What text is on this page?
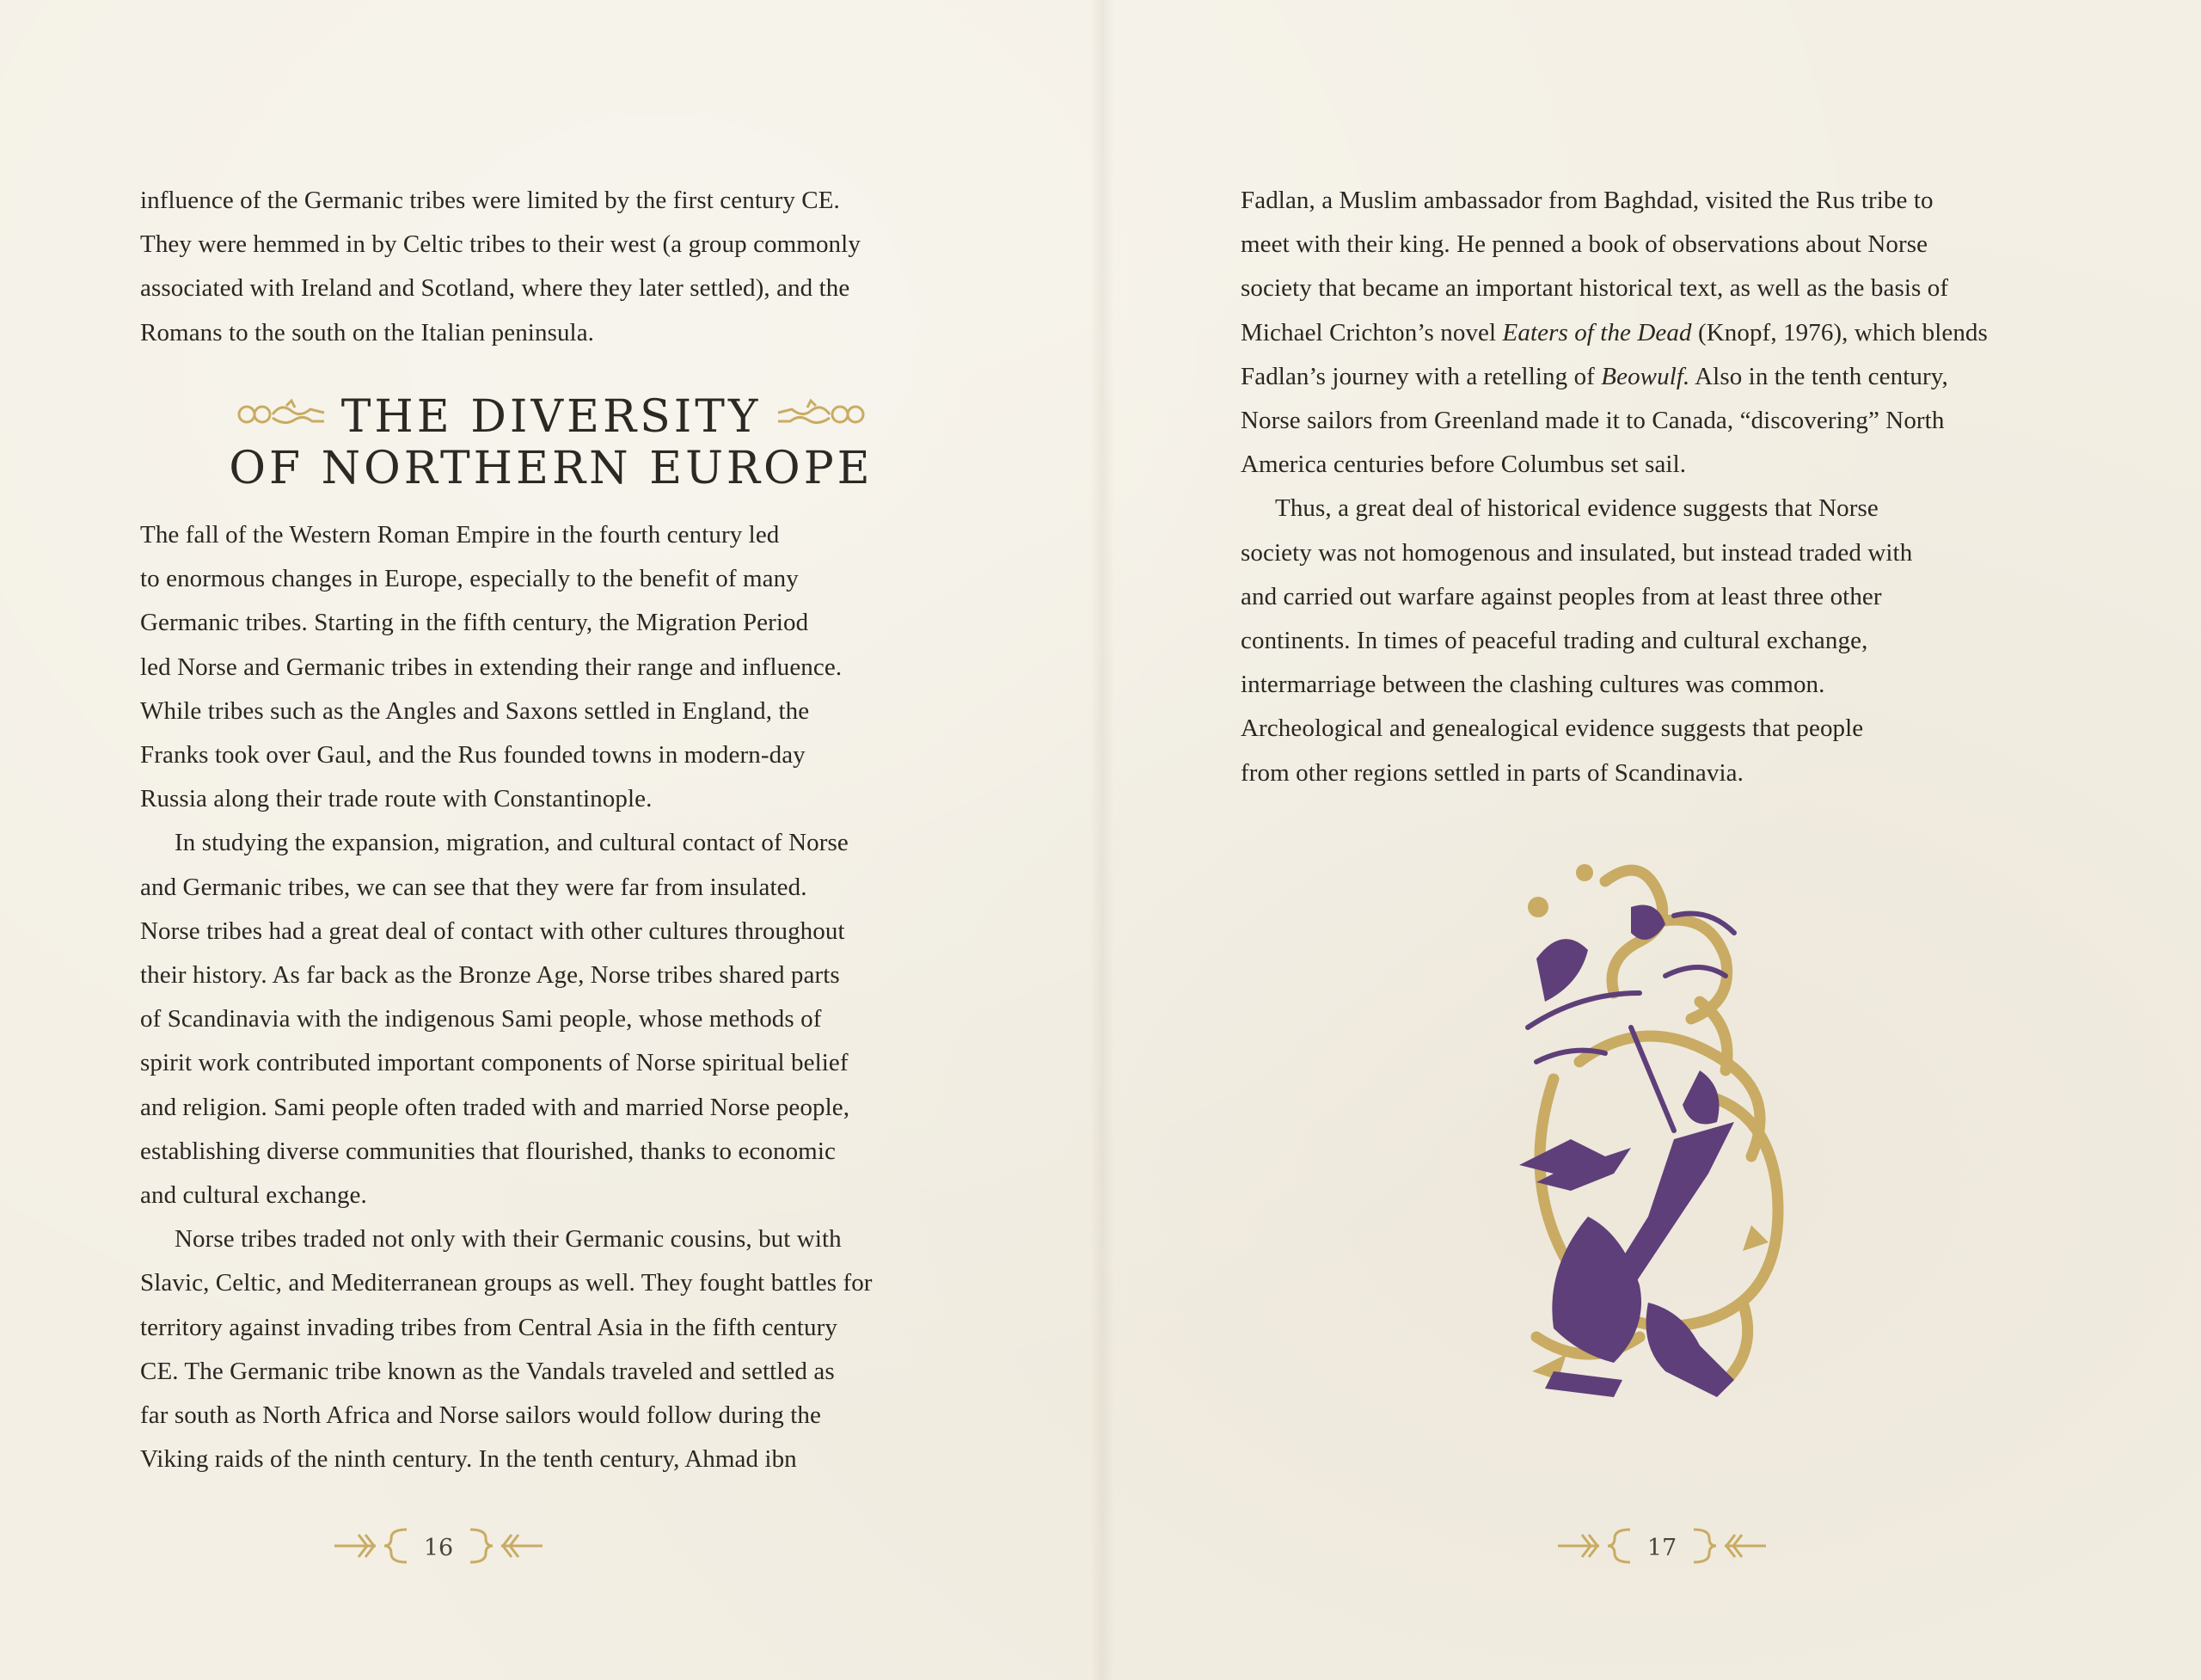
influence of the Germanic tribes were limited by the first century CE.
They were hemmed in by Celtic tribes to their west (a group commonly
associated with Ireland and Scotland, where they later settled), and the
Romans to the south on the Italian peninsula.

THE DIVERSITY
OF NORTHERN EUROPE

The fall of the Western Roman Empire in the fourth century led
to enormous changes in Europe, especially to the benefit of many
Germanic tribes. Starting in the fifth century, the Migration Period
led Norse and Germanic tribes in extending their range and influence.
While tribes such as the Angles and Saxons settled in England, the
Franks took over Gaul, and the Rus founded towns in modern-day
Russia along their trade route with Constantinople.

In studying the expansion, migration, and cultural contact of Norse
and Germanic tribes, we can see that they were far from insulated.
Norse tribes had a great deal of contact with other cultures throughout
their history. As far back as the Bronze Age, Norse tribes shared parts
of Scandinavia with the indigenous Sami people, whose methods of
spirit work contributed important components of Norse spiritual belief
and religion. Sami people often traded with and married Norse people,
establishing diverse communities that flourished, thanks to economic
and cultural exchange.

Norse tribes traded not only with their Germanic cousins, but with
Slavic, Celtic, and Mediterranean groups as well. They fought battles for
territory against invading tribes from Central Asia in the fifth century
CE. The Germanic tribe known as the Vandals traveled and settled as
far south as North Africa and Norse sailors would follow during the
Viking raids of the ninth century. In the tenth century, Ahmad ibn

16

Fadlan, a Muslim ambassador from Baghdad, visited the Rus tribe to
meet with their king. He penned a book of observations about Norse
society that became an important historical text, as well as the basis of
Michael Crichton’s novel Eaters of the Dead (Knopf, 1976), which blends
Fadlan’s journey with a retelling of Beowulf. Also in the tenth century,
Norse sailors from Greenland made it to Canada, “discovering” North
America centuries before Columbus set sail.

Thus, a great deal of historical evidence suggests that Norse
society was not homogenous and insulated, but instead traded with
and carried out warfare against peoples from at least three other
continents. In times of peaceful trading and cultural exchange,
intermarriage between the clashing cultures was common.
Archeological and genealogical evidence suggests that people
from other regions settled in parts of Scandinavia.

17
